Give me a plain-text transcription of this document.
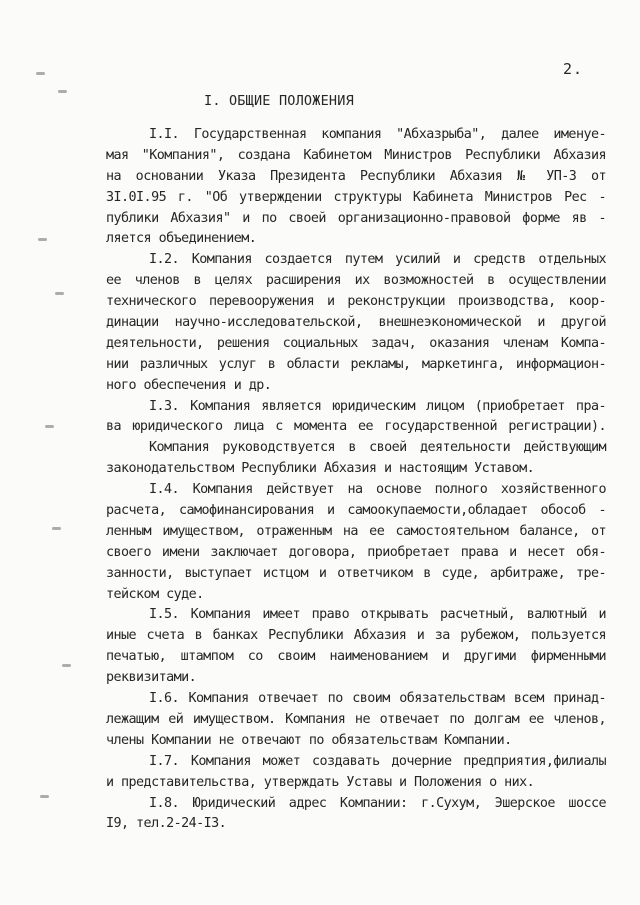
2.
I. ОБЩИЕ ПОЛОЖЕНИЯ
I.I. Государственная компания "Абхазрыба", далее именуе-
мая "Компания", создана Кабинетом Министров Республики Абхазия
на основании Указа Президента Республики Абхазия № УП-3 от
3I.0I.95 г. "Об утверждении структуры Кабинета Министров Рес -
публики Абхазия" и по своей организационно-правовой форме яв -
ляется объединением.
I.2. Компания создается путем усилий и средств отдельных
ее членов в целях расширения их возможностей в осуществлении
технического перевооружения и реконструкции производства, коор-
динации научно-исследовательской, внешнеэкономической и другой
деятельности, решения социальных задач, оказания членам Компа-
нии различных услуг в области рекламы, маркетинга, информацион-
ного обеспечения и др.
I.3. Компания является юридическим лицом (приобретает пра-
ва юридического лица с момента ее государственной регистрации).
Компания руководствуется в своей деятельности действующим
законодательством Республики Абхазия и настоящим Уставом.
I.4. Компания действует на основе полного хозяйственного
расчета, самофинансирования и самоокупаемости,обладает обособ -
ленным имуществом, отраженным на ее самостоятельном балансе, от
своего имени заключает договора, приобретает права и несет обя-
занности, выступает истцом и ответчиком в суде, арбитраже, тре-
тейском суде.
I.5. Компания имеет право открывать расчетный, валютный и
иные счета в банках Республики Абхазия и за рубежом, пользуется
печатью, штампом со своим наименованием и другими фирменными
реквизитами.
I.6. Компания отвечает по своим обязательствам всем принад-
лежащим ей имуществом. Компания не отвечает по долгам ее членов,
члены Компании не отвечают по обязательствам Компании.
I.7. Компания может создавать дочерние предприятия,филиалы
и представительства, утверждать Уставы и Положения о них.
I.8. Юридический адрес Компании: г.Сухум, Эшерское шоссе
I9, тел.2-24-I3.
